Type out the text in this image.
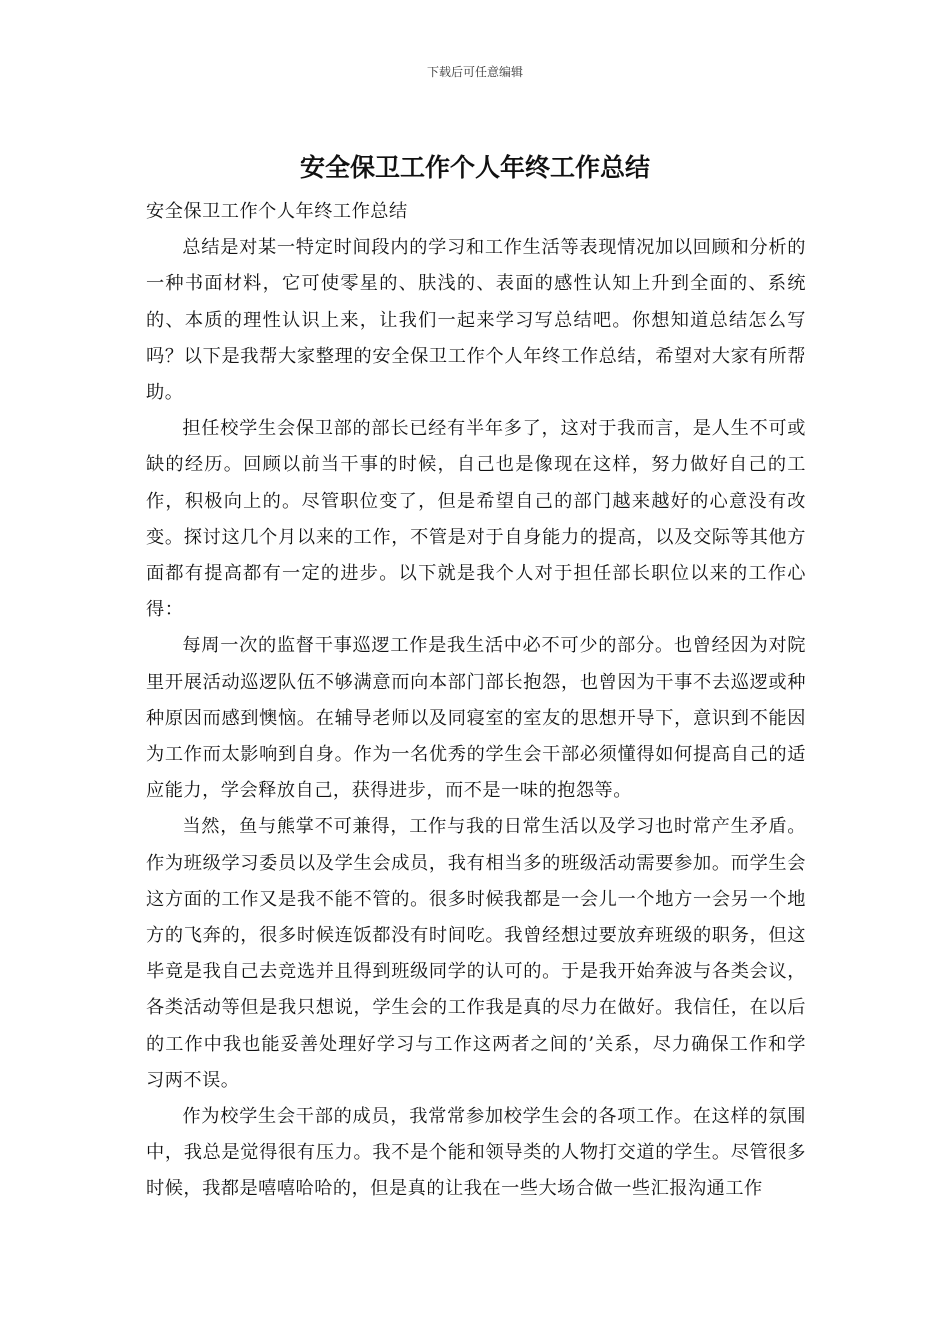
下载后可任意编辑
安全保卫工作个人年终工作总结

安全保卫工作个人年终工作总结

总结是对某一特定时间段内的学习和工作生活等表现情况加以回顾和分析的一种书面材料，它可使零星的、肤浅的、表面的感性认知上升到全面的、系统的、本质的理性认识上来，让我们一起来学习写总结吧。你想知道总结怎么写吗？以下是我帮大家整理的安全保卫工作个人年终工作总结，希望对大家有所帮助。

担任校学生会保卫部的部长已经有半年多了，这对于我而言，是人生不可或缺的经历。回顾以前当干事的时候，自己也是像现在这样，努力做好自己的工作，积极向上的。尽管职位变了，但是希望自己的部门越来越好的心意没有改变。探讨这几个月以来的工作，不管是对于自身能力的提高，以及交际等其他方面都有提高都有一定的进步。以下就是我个人对于担任部长职位以来的工作心得：

每周一次的监督干事巡逻工作是我生活中必不可少的部分。也曾经因为对院里开展活动巡逻队伍不够满意而向本部门部长抱怨，也曾因为干事不去巡逻或种种原因而感到懊恼。在辅导老师以及同寝室的室友的思想开导下，意识到不能因为工作而太影响到自身。作为一名优秀的学生会干部必须懂得如何提高自己的适应能力，学会释放自己，获得进步，而不是一味的抱怨等。

当然，鱼与熊掌不可兼得，工作与我的日常生活以及学习也时常产生矛盾。作为班级学习委员以及学生会成员，我有相当多的班级活动需要参加。而学生会这方面的工作又是我不能不管的。很多时候我都是一会儿一个地方一会另一个地方的飞奔的，很多时候连饭都没有时间吃。我曾经想过要放弃班级的职务，但这毕竟是我自己去竞选并且得到班级同学的认可的。于是我开始奔波与各类会议，各类活动等但是我只想说，学生会的工作我是真的尽力在做好。我信任，在以后的工作中我也能妥善处理好学习与工作这两者之间的’关系，尽力确保工作和学习两不误。

作为校学生会干部的成员，我常常参加校学生会的各项工作。在这样的氛围中，我总是觉得很有压力。我不是个能和领导类的人物打交道的学生。尽管很多时候，我都是嘻嘻哈哈的，但是真的让我在一些大场合做一些汇报沟通工作
